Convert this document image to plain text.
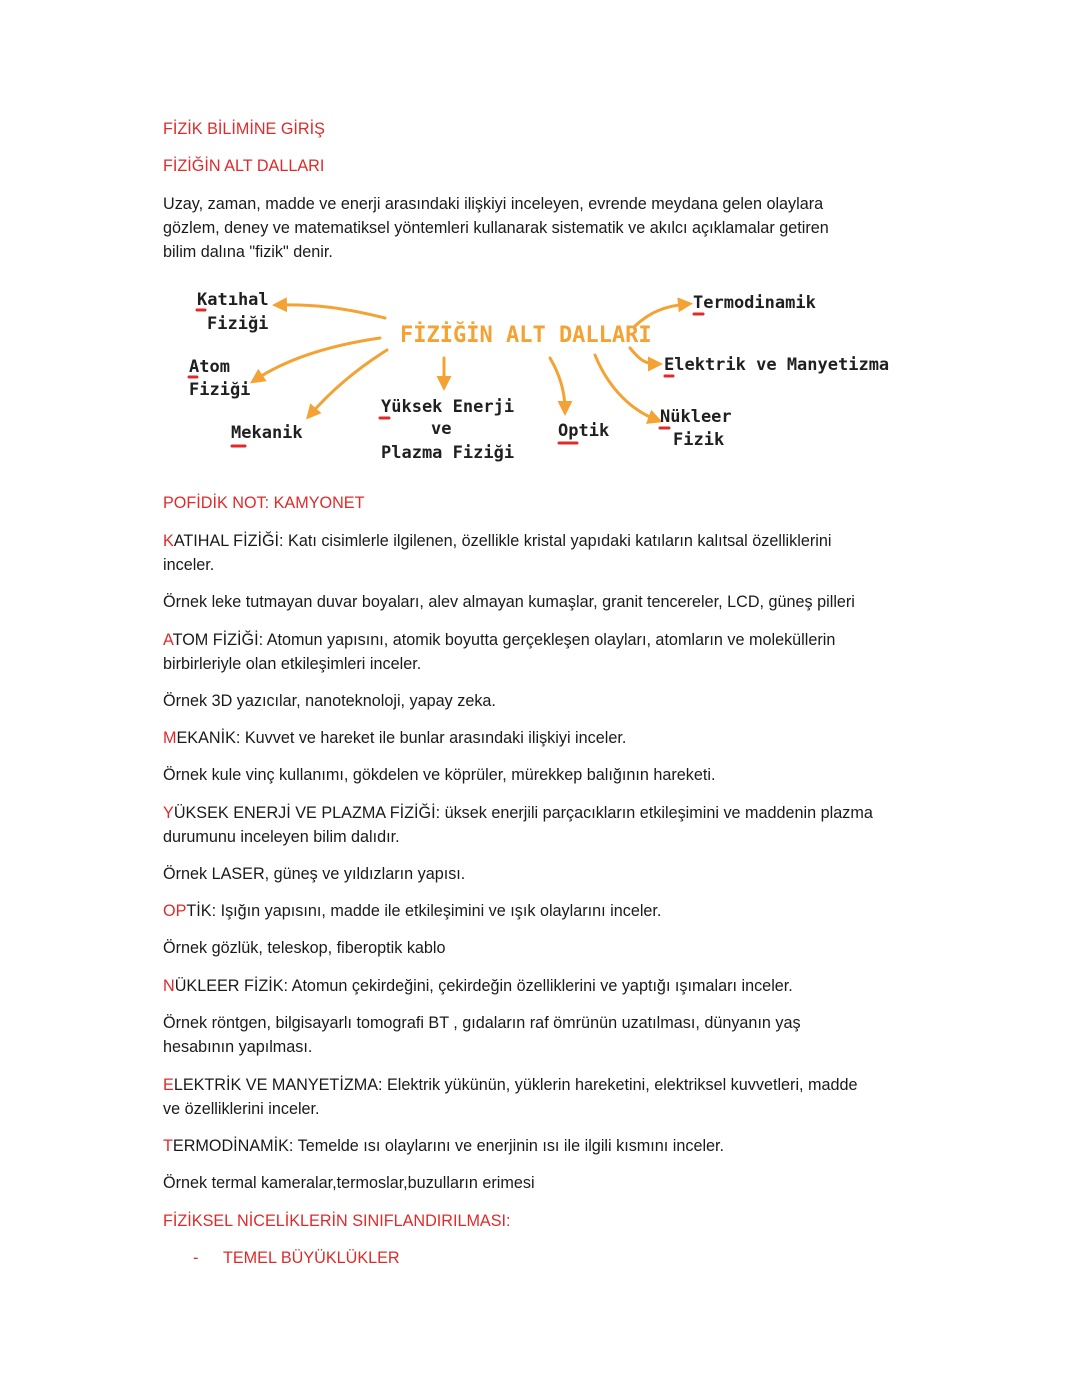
FİZİK BİLİMİNE GİRİŞ
FİZİĞİN ALT DALLARI
Uzay, zaman, madde ve enerji arasındaki ilişkiyi inceleyen, evrende meydana gelen olaylara
gözlem, deney ve matematiksel yöntemleri kullanarak sistematik ve akılcı açıklamalar getiren
bilim dalına "fizik" denir.
POFİDİK NOT: KAMYONET
KATIHAL FİZİĞİ: Katı cisimlerle ilgilenen, özellikle kristal yapıdaki katıların kalıtsal özelliklerini
inceler.
Örnek leke tutmayan duvar boyaları, alev almayan kumaşlar, granit tencereler, LCD, güneş pilleri
ATOM FİZİĞİ: Atomun yapısını, atomik boyutta gerçekleşen olayları, atomların ve moleküllerin
birbirleriyle olan etkileşimleri inceler.
Örnek 3D yazıcılar, nanoteknoloji, yapay zeka.
MEKANİK: Kuvvet ve hareket ile bunlar arasındaki ilişkiyi inceler.
Örnek kule vinç kullanımı, gökdelen ve köprüler, mürekkep balığının hareketi.
YÜKSEK ENERJİ VE PLAZMA FİZİĞİ: üksek enerjili parçacıkların etkileşimini ve maddenin plazma
durumunu inceleyen bilim dalıdır.
Örnek LASER, güneş ve yıldızların yapısı.
OPTİK: Işığın yapısını, madde ile etkileşimini ve ışık olaylarını inceler.
Örnek gözlük, teleskop, fiberoptik kablo
NÜKLEER FİZİK: Atomun çekirdeğini, çekirdeğin özelliklerini ve yaptığı ışımaları inceler.
Örnek röntgen, bilgisayarlı tomografi BT , gıdaların raf ömrünün uzatılması, dünyanın yaş
hesabının yapılması.
ELEKTRİK VE MANYETİZMA: Elektrik yükünün, yüklerin hareketini, elektriksel kuvvetleri, madde
ve özelliklerini inceler.
TERMODİNAMİK: Temelde ısı olaylarını ve enerjinin ısı ile ilgili kısmını inceler.
Örnek termal kameralar,termoslar,buzulların erimesi
FİZİKSEL NİCELİKLERİN SINIFLANDIRILMASI:
- TEMEL BÜYÜKLÜKLER
FİZİĞİN ALT DALLARI
Katıhal
Fiziği
Atom
Fiziği
Mekanik
Yüksek Enerji
ve
Plazma Fiziği
Optik
Nükleer
Fizik
Elektrik ve Manyetizma
Termodinamik
